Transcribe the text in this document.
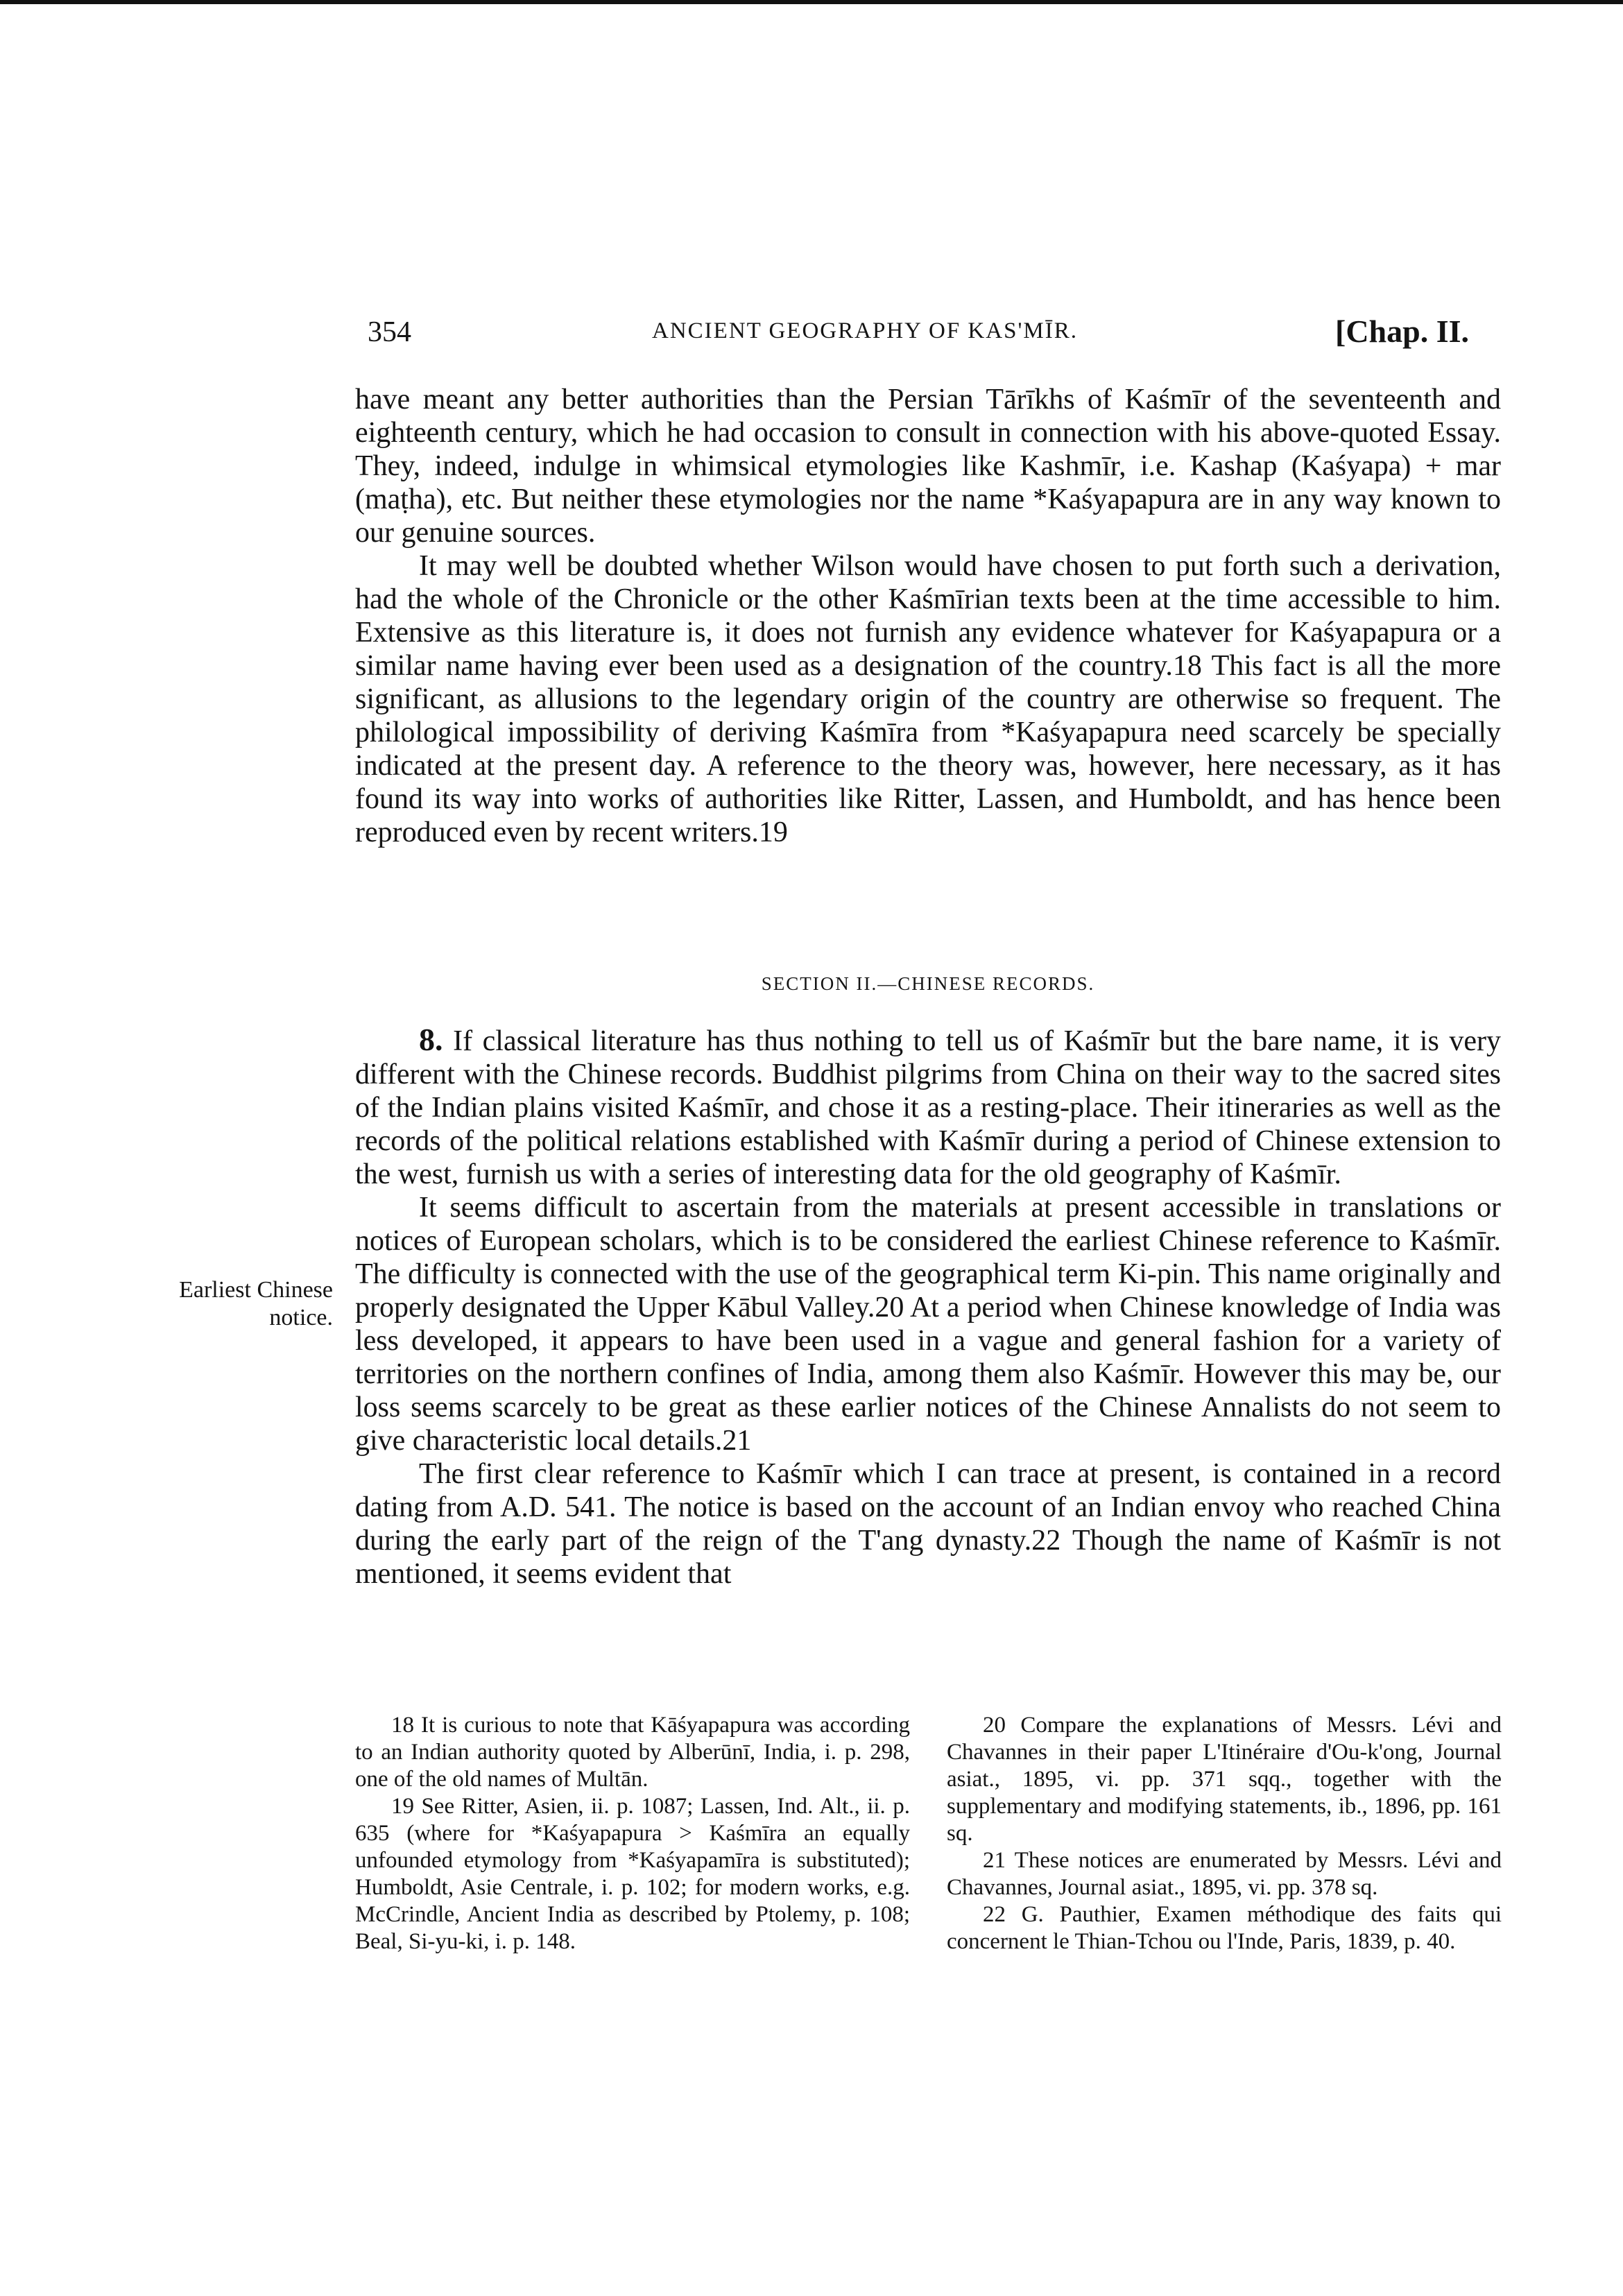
354	ANCIENT GEOGRAPHY OF KAS'MĪR.	[Chap. II.

have meant any better authorities than the Persian Tārīkhs of Kaśmīr of the seventeenth and eighteenth century, which he had occasion to consult in connection with his above-quoted Essay. They, indeed, indulge in whimsical etymologies like Kashmīr, i.e. Kashap (Kaśyapa) + mar (maṭha), etc. But neither these etymologies nor the name *Kaśyapapura are in any way known to our genuine sources.

It may well be doubted whether Wilson would have chosen to put forth such a derivation, had the whole of the Chronicle or the other Kaśmīrian texts been at the time accessible to him. Extensive as this literature is, it does not furnish any evidence whatever for Kaśyapapura or a similar name having ever been used as a designation of the country.18 This fact is all the more significant, as allusions to the legendary origin of the country are otherwise so frequent. The philological impossibility of deriving Kaśmīra from *Kaśyapapura need scarcely be specially indicated at the present day. A reference to the theory was, however, here necessary, as it has found its way into works of authorities like Ritter, Lassen, and Humboldt, and has hence been reproduced even by recent writers.19

SECTION II.—CHINESE RECORDS.

8. If classical literature has thus nothing to tell us of Kaśmīr but the bare name, it is very different with the Chinese records. Buddhist pilgrims from China on their way to the sacred sites of the Indian plains visited Kaśmīr, and chose it as a resting-place. Their itineraries as well as the records of the political relations established with Kaśmīr during a period of Chinese extension to the west, furnish us with a series of interesting data for the old geography of Kaśmīr.

It seems difficult to ascertain from the materials at present accessible in translations or notices of European scholars, which is to be considered the earliest Chinese reference to Kaśmīr. The difficulty is connected with the use of the geographical term Ki-pin. This name originally and properly designated the Upper Kābul Valley.20 At a period when Chinese knowledge of India was less developed, it appears to have been used in a vague and general fashion for a variety of territories on the northern confines of India, among them also Kaśmīr. However this may be, our loss seems scarcely to be great as these earlier notices of the Chinese Annalists do not seem to give characteristic local details.21

The first clear reference to Kaśmīr which I can trace at present, is contained in a record dating from A.D. 541. The notice is based on the account of an Indian envoy who reached China during the early part of the reign of the T'ang dynasty.22 Though the name of Kaśmīr is not mentioned, it seems evident that

Earliest Chinese notice.

18 It is curious to note that Kāśyapapura was according to an Indian authority quoted by Alberūnī, India, i. p. 298, one of the old names of Multān.

19 See Ritter, Asien, ii. p. 1087; Lassen, Ind. Alt., ii. p. 635 (where for *Kaśyapapura > Kaśmīra an equally unfounded etymology from *Kaśyapamīra is substituted); Humboldt, Asie Centrale, i. p. 102; for modern works, e.g. McCrindle, Ancient India as described by Ptolemy, p. 108; Beal, Si-yu-ki, i. p. 148.

20 Compare the explanations of Messrs. Lévi and Chavannes in their paper L'Itinéraire d'Ou-k'ong, Journal asiat., 1895, vi. pp. 371 sqq., together with the supplementary and modifying statements, ib., 1896, pp. 161 sq.

21 These notices are enumerated by Messrs. Lévi and Chavannes, Journal asiat., 1895, vi. pp. 378 sq.

22 G. Pauthier, Examen méthodique des faits qui concernent le Thian-Tchou ou l'Inde, Paris, 1839, p. 40.
